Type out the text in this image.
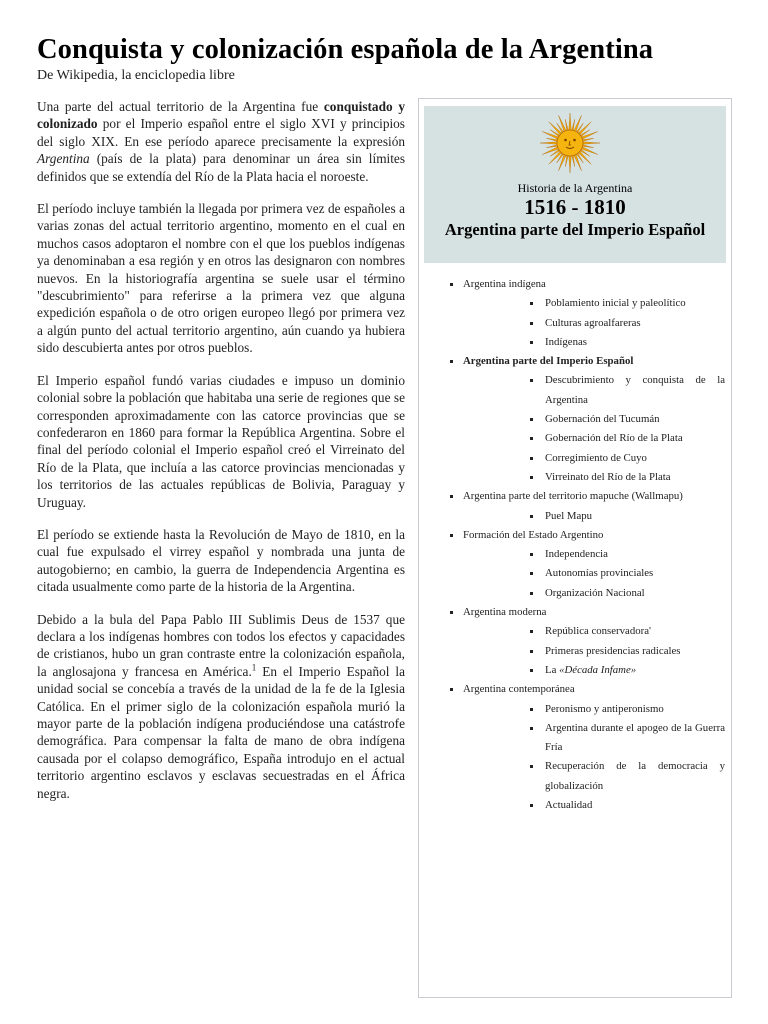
Conquista y colonización española de la Argentina
De Wikipedia, la enciclopedia libre

Una parte del actual territorio de la Argentina fue conquistado y colonizado por el Imperio español entre el siglo XVI y principios del siglo XIX. En ese período aparece precisamente la expresión Argentina (país de la plata) para denominar un área sin límites definidos que se extendía del Río de la Plata hacia el noroeste.

El período incluye también la llegada por primera vez de españoles a varias zonas del actual territorio argentino, momento en el cual en muchos casos adoptaron el nombre con el que los pueblos indígenas ya denominaban a esa región y en otros las designaron con nombres nuevos. En la historiografía argentina se suele usar el término "descubrimiento" para referirse a la primera vez que alguna expedición española o de otro origen europeo llegó por primera vez a algún punto del actual territorio argentino, aún cuando ya hubiera sido descubierta antes por otros pueblos.

El Imperio español fundó varias ciudades e impuso un dominio colonial sobre la población que habitaba una serie de regiones que se corresponden aproximadamente con las catorce provincias que se confederaron en 1860 para formar la República Argentina. Sobre el final del período colonial el Imperio español creó el Virreinato del Río de la Plata, que incluía a las catorce provincias mencionadas y los territorios de las actuales repúblicas de Bolivia, Paraguay y Uruguay.

El período se extiende hasta la Revolución de Mayo de 1810, en la cual fue expulsado el virrey español y nombrada una junta de autogobierno; en cambio, la guerra de Independencia Argentina es citada usualmente como parte de la historia de la Argentina.

Debido a la bula del Papa Pablo III Sublimis Deus de 1537 que declara a los indígenas hombres con todos los efectos y capacidades de cristianos, hubo un gran contraste entre la colonización española, la anglosajona y francesa en América.$^1$ En el Imperio Español la unidad social se concebía a través de la unidad de la fe de la Iglesia Católica. En el primer siglo de la colonización española murió la mayor parte de la población indígena produciéndose una catástrofe demográfica. Para compensar la falta de mano de obra indígena causada por el colapso demográfico, España introdujo en el actual territorio argentino esclavos y esclavas secuestradas en el África negra.

Historia de la Argentina
1516 - 1810
Argentina parte del Imperio Español
Argentina indígena
Poblamiento inicial y paleolítico
Culturas agroalfareras
Indígenas
Argentina parte del Imperio Español
Descubrimiento y conquista de la Argentina
Gobernación del Tucumán
Gobernación del Río de la Plata
Corregimiento de Cuyo
Virreinato del Río de la Plata
Argentina parte del territorio mapuche (Wallmapu)
Puel Mapu
Formación del Estado Argentino
Independencia
Autonomías provinciales
Organización Nacional
Argentina moderna
República conservadora'
Primeras presidencias radicales
La «Década Infame»
Argentina contemporánea
Peronismo y antiperonismo
Argentina durante el apogeo de la Guerra Fría
Recuperación de la democracia y globalización
Actualidad
